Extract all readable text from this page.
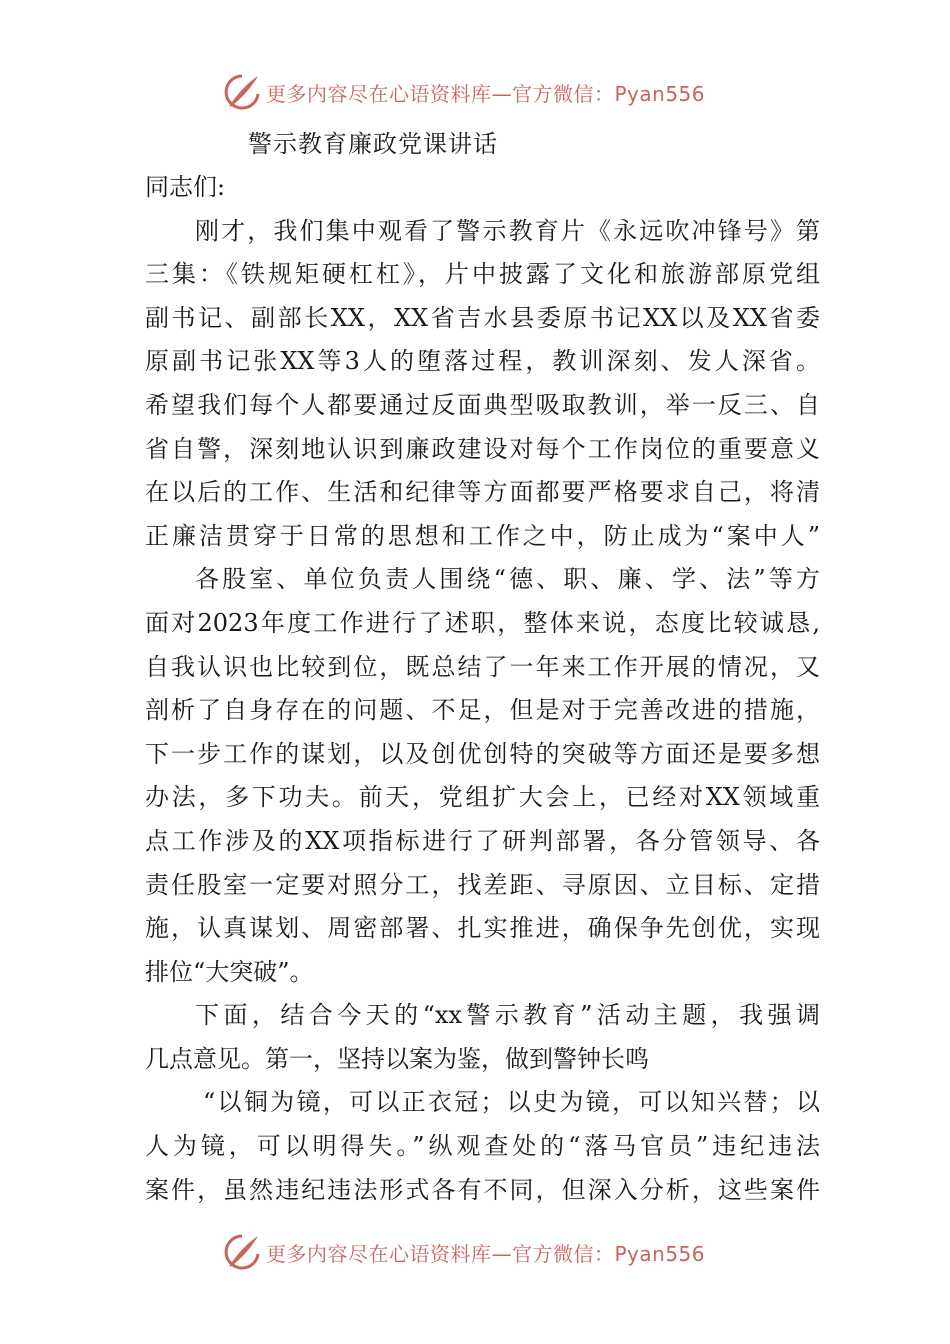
更多内容尽在心语资料库—官方微信：Pyan556
警示教育廉政党课讲话
同志们:
刚才，我们集中观看了警示教育片《永远吹冲锋号》第
三集：《铁规矩硬杠杠》，片中披露了文化和旅游部原党组
副书记、副部长XX，XX省吉水县委原书记XX以及XX省委
原副书记张XX等3人的堕落过程，教训深刻、发人深省。
希望我们每个人都要通过反面典型吸取教训，举一反三、自
省自警，深刻地认识到廉政建设对每个工作岗位的重要意义
在以后的工作、生活和纪律等方面都要严格要求自己，将清
正廉洁贯穿于日常的思想和工作之中，防止成为“案中人”
各股室、单位负责人围绕“德、职、廉、学、法”等方
面对2023年度工作进行了述职，整体来说，态度比较诚恳,
自我认识也比较到位，既总结了一年来工作开展的情况，又
剖析了自身存在的问题、不足，但是对于完善改进的措施，
下一步工作的谋划，以及创优创特的突破等方面还是要多想
办法，多下功夫。前天，党组扩大会上，已经对XX领域重
点工作涉及的XX项指标进行了研判部署，各分管领导、各
责任股室一定要对照分工，找差距、寻原因、立目标、定措
施，认真谋划、周密部署、扎实推进，确保争先创优，实现
排位“大突破”。
下面，结合今天的“xx警示教育”活动主题，我强调
几点意见。第一，坚持以案为鉴，做到警钟长鸣
“以铜为镜，可以正衣冠；以史为镜，可以知兴替；以
人为镜，可以明得失。”纵观查处的“落马官员”违纪违法
案件，虽然违纪违法形式各有不同，但深入分析，这些案件
更多内容尽在心语资料库—官方微信：Pyan556
